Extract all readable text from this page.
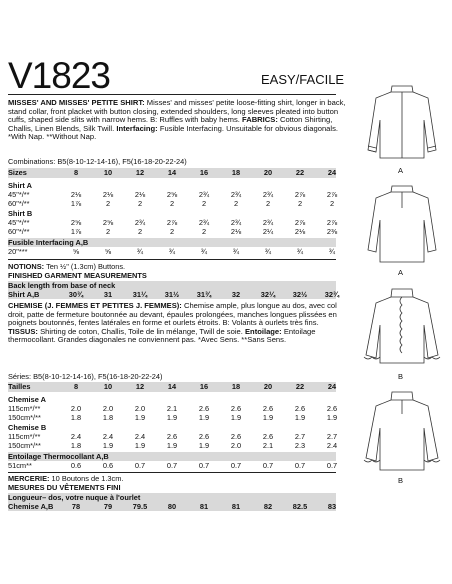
V1823	EASY/FACILE
MISSES' AND MISSES' PETITE SHIRT: Misses' and misses' petite loose-fitting shirt, longer in back, stand collar, front placket with button closing, extended shoulders, long sleeves pleated into button cuffs, shaped side slits with narrow hems. B: Ruffles with baby hems. FABRICS: Cotton Shirting, Challis, Linen Blends, Silk Twill. Interfacing: Fusible Interfacing. Unsuitable for obvious diagonals. *With Nap. **Without Nap.
Combinations: B5(8-10-12-14-16), F5(16-18-20-22-24)
Sizes	8	10	12	14	16	18	20	22	24
Shirt A
45"*/**	2⅛	2⅛	2⅛	2⅝	2¾	2¾	2¾	2⅞	2⅞
60"*/**	1⅞	2	2	2	2	2	2	2	2
Shirt B
45"*/**	2⅝	2⅝	2¾	2⅞	2¾	2¾	2¾	2⅞	2⅞
60"*/**	1⅞	2	2	2	2	2⅛	2¼	2⅛	2⅜
Fusible Interfacing A,B
20"***	⅝	⅝	¾	¾	¾	¾	¾	¾	¾
NOTIONS: Ten ½" (1.3cm) Buttons.
FINISHED GARMENT MEASUREMENTS
Back length from base of neck
Shirt A,B	30¾	31	31¼	31½	31¾	32	32¼	32½	32¾
CHEMISE (J. FEMMES ET PETITES J. FEMMES): Chemise ample, plus longue au dos, avec col droit, patte de fermeture boutonnée au devant, épaules prolongées, manches longues plissées en poignets boutonnés, fentes latérales en forme et ourlets étroits. B: Volants à ourlets très fins. TISSUS: Shirting de coton, Challis, Toile de lin mélange, Twill de soie. Entoilage: Entoilage thermocollant. Grandes diagonales ne conviennent pas. *Avec Sens. **Sans Sens.
Séries: B5(8-10-12-14-16), F5(16-18-20-22-24)
Tailles	8	10	12	14	16	18	20	22	24
Chemise A
115cm*/**	2.0	2.0	2.0	2.1	2.6	2.6	2.6	2.6	2.6
150cm*/**	1.8	1.8	1.9	1.9	1.9	1.9	1.9	1.9	1.9
Chemise B
115cm*/**	2.4	2.4	2.4	2.6	2.6	2.6	2.6	2.7	2.7
150cm*/**	1.8	1.9	1.9	1.9	1.9	2.0	2.1	2.3	2.4
Entoilage Thermocollant A,B
51cm**	0.6	0.6	0.7	0.7	0.7	0.7	0.7	0.7	0.7
MERCERIE: 10 Boutons de 1.3cm.
MESURES DU VÊTEMENTS FINI
Longueur– dos, votre nuque à l'ourlet
Chemise A,B	78	79	79.5	80	81	81	82	82.5	83
A
A
B
B
